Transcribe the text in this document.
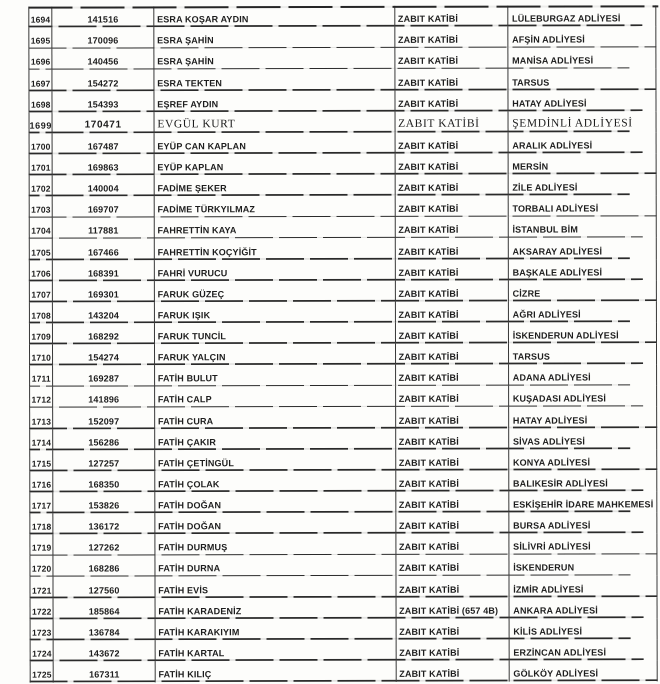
1694	141516	ESRA KOŞAR AYDIN	ZABIT KATİBİ	LÜLEBURGAZ ADLİYESİ
1695	170096	ESRA ŞAHİN	ZABIT KATİBİ	AFŞİN ADLİYESİ
1696	140456	ESRA ŞAHİN	ZABIT KATİBİ	MANİSA ADLİYESİ
1697	154272	ESRA TEKTEN	ZABIT KATİBİ	TARSUS
1698	154393	EŞREF AYDIN	ZABIT KATİBİ	HATAY ADLİYESİ
1699	170471	EVGÜL KURT	ZABIT KATİBİ	ŞEMDİNLİ ADLİYESİ
1700	167487	EYÜP CAN KAPLAN	ZABIT KATİBİ	ARALIK ADLİYESİ
1701	169863	EYÜP KAPLAN	ZABIT KATİBİ	MERSİN
1702	140004	FADİME ŞEKER	ZABIT KATİBİ	ZİLE ADLİYESİ
1703	169707	FADİME TÜRKYILMAZ	ZABIT KATİBİ	TORBALI ADLİYESİ
1704	117881	FAHRETTİN KAYA	ZABIT KATİBİ	İSTANBUL BİM
1705	167466	FAHRETTİN KOÇYİĞİT	ZABIT KATİBİ	AKSARAY ADLİYESİ
1706	168391	FAHRİ VURUCU	ZABIT KATİBİ	BAŞKALE ADLİYESİ
1707	169301	FARUK GÜZEÇ	ZABIT KATİBİ	CİZRE
1708	143204	FARUK IŞIK	ZABIT KATİBİ	AĞRI ADLİYESİ
1709	168292	FARUK TUNCİL	ZABIT KATİBİ	İSKENDERUN ADLİYESİ
1710	154274	FARUK YALÇIN	ZABIT KATİBİ	TARSUS
1711	169287	FATİH BULUT	ZABIT KATİBİ	ADANA ADLİYESİ
1712	141896	FATİH CALP	ZABIT KATİBİ	KUŞADASI ADLİYESİ
1713	152097	FATİH CURA	ZABIT KATİBİ	HATAY ADLİYESİ
1714	156286	FATİH ÇAKIR	ZABIT KATİBİ	SİVAS ADLİYESİ
1715	127257	FATİH ÇETİNGÜL	ZABIT KATİBİ	KONYA ADLİYESİ
1716	168350	FATİH ÇOLAK	ZABIT KATİBİ	BALIKESİR ADLİYESİ
1717	153826	FATİH DOĞAN	ZABIT KATİBİ	ESKİŞEHİR İDARE MAHKEMESİ
1718	136172	FATİH DOĞAN	ZABIT KATİBİ	BURSA ADLİYESİ
1719	127262	FATİH DURMUŞ	ZABIT KATİBİ	SİLİVRİ ADLİYESİ
1720	168286	FATİH DURNA	ZABIT KATİBİ	İSKENDERUN
1721	127560	FATİH EVİS	ZABIT KATİBİ	İZMİR ADLİYESİ
1722	185864	FATİH KARADENİZ	ZABIT KATİBİ (657 4B)	ANKARA ADLİYESİ
1723	136784	FATİH KARAKIYIM	ZABIT KATİBİ	KİLİS ADLİYESİ
1724	143672	FATİH KARTAL	ZABIT KATİBİ	ERZİNCAN ADLİYESİ
1725	167311	FATİH KILIÇ	ZABIT KATİBİ	GÖLKÖY ADLİYESİ
